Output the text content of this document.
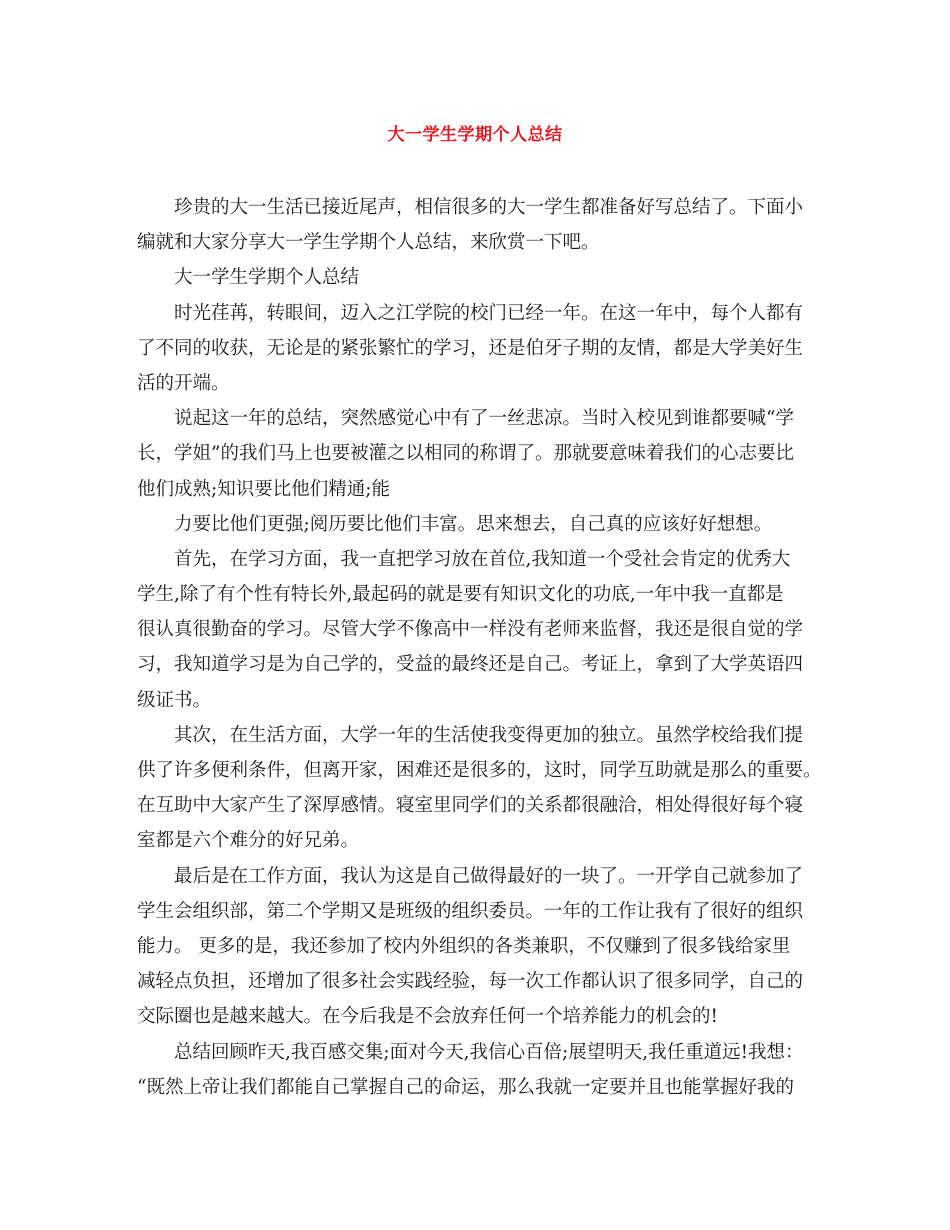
大一学生学期个人总结
珍贵的大一生活已接近尾声，相信很多的大一学生都准备好写总结了。下面小
编就和大家分享大一学生学期个人总结，来欣赏一下吧。
大一学生学期个人总结
时光荏苒，转眼间，迈入之江学院的校门已经一年。在这一年中，每个人都有
了不同的收获，无论是的紧张繁忙的学习，还是伯牙子期的友情，都是大学美好生
活的开端。
说起这一年的总结，突然感觉心中有了一丝悲凉。当时入校见到谁都要喊“学
长，学姐”的我们马上也要被灌之以相同的称谓了。那就要意味着我们的心志要比
他们成熟;知识要比他们精通;能
力要比他们更强;阅历要比他们丰富。思来想去，自己真的应该好好想想。
首先，在学习方面，我一直把学习放在首位,我知道一个受社会肯定的优秀大
学生,除了有个性有特长外,最起码的就是要有知识文化的功底,一年中我一直都是
很认真很勤奋的学习。尽管大学不像高中一样没有老师来监督，我还是很自觉的学
习，我知道学习是为自己学的，受益的最终还是自己。考证上，拿到了大学英语四
级证书。
其次，在生活方面，大学一年的生活使我变得更加的独立。虽然学校给我们提
供了许多便利条件，但离开家，困难还是很多的，这时，同学互助就是那么的重要。
在互助中大家产生了深厚感情。寝室里同学们的关系都很融洽，相处得很好每个寝
室都是六个难分的好兄弟。
最后是在工作方面，我认为这是自己做得最好的一块了。一开学自己就参加了
学生会组织部，第二个学期又是班级的组织委员。一年的工作让我有了很好的组织
能力。 更多的是，我还参加了校内外组织的各类兼职，不仅赚到了很多钱给家里
减轻点负担，还增加了很多社会实践经验，每一次工作都认识了很多同学，自己的
交际圈也是越来越大。在今后我是不会放弃任何一个培养能力的机会的!
总结回顾昨天,我百感交集;面对今天,我信心百倍;展望明天,我任重道远!我想：
“既然上帝让我们都能自己掌握自己的命运，那么我就一定要并且也能掌握好我的
